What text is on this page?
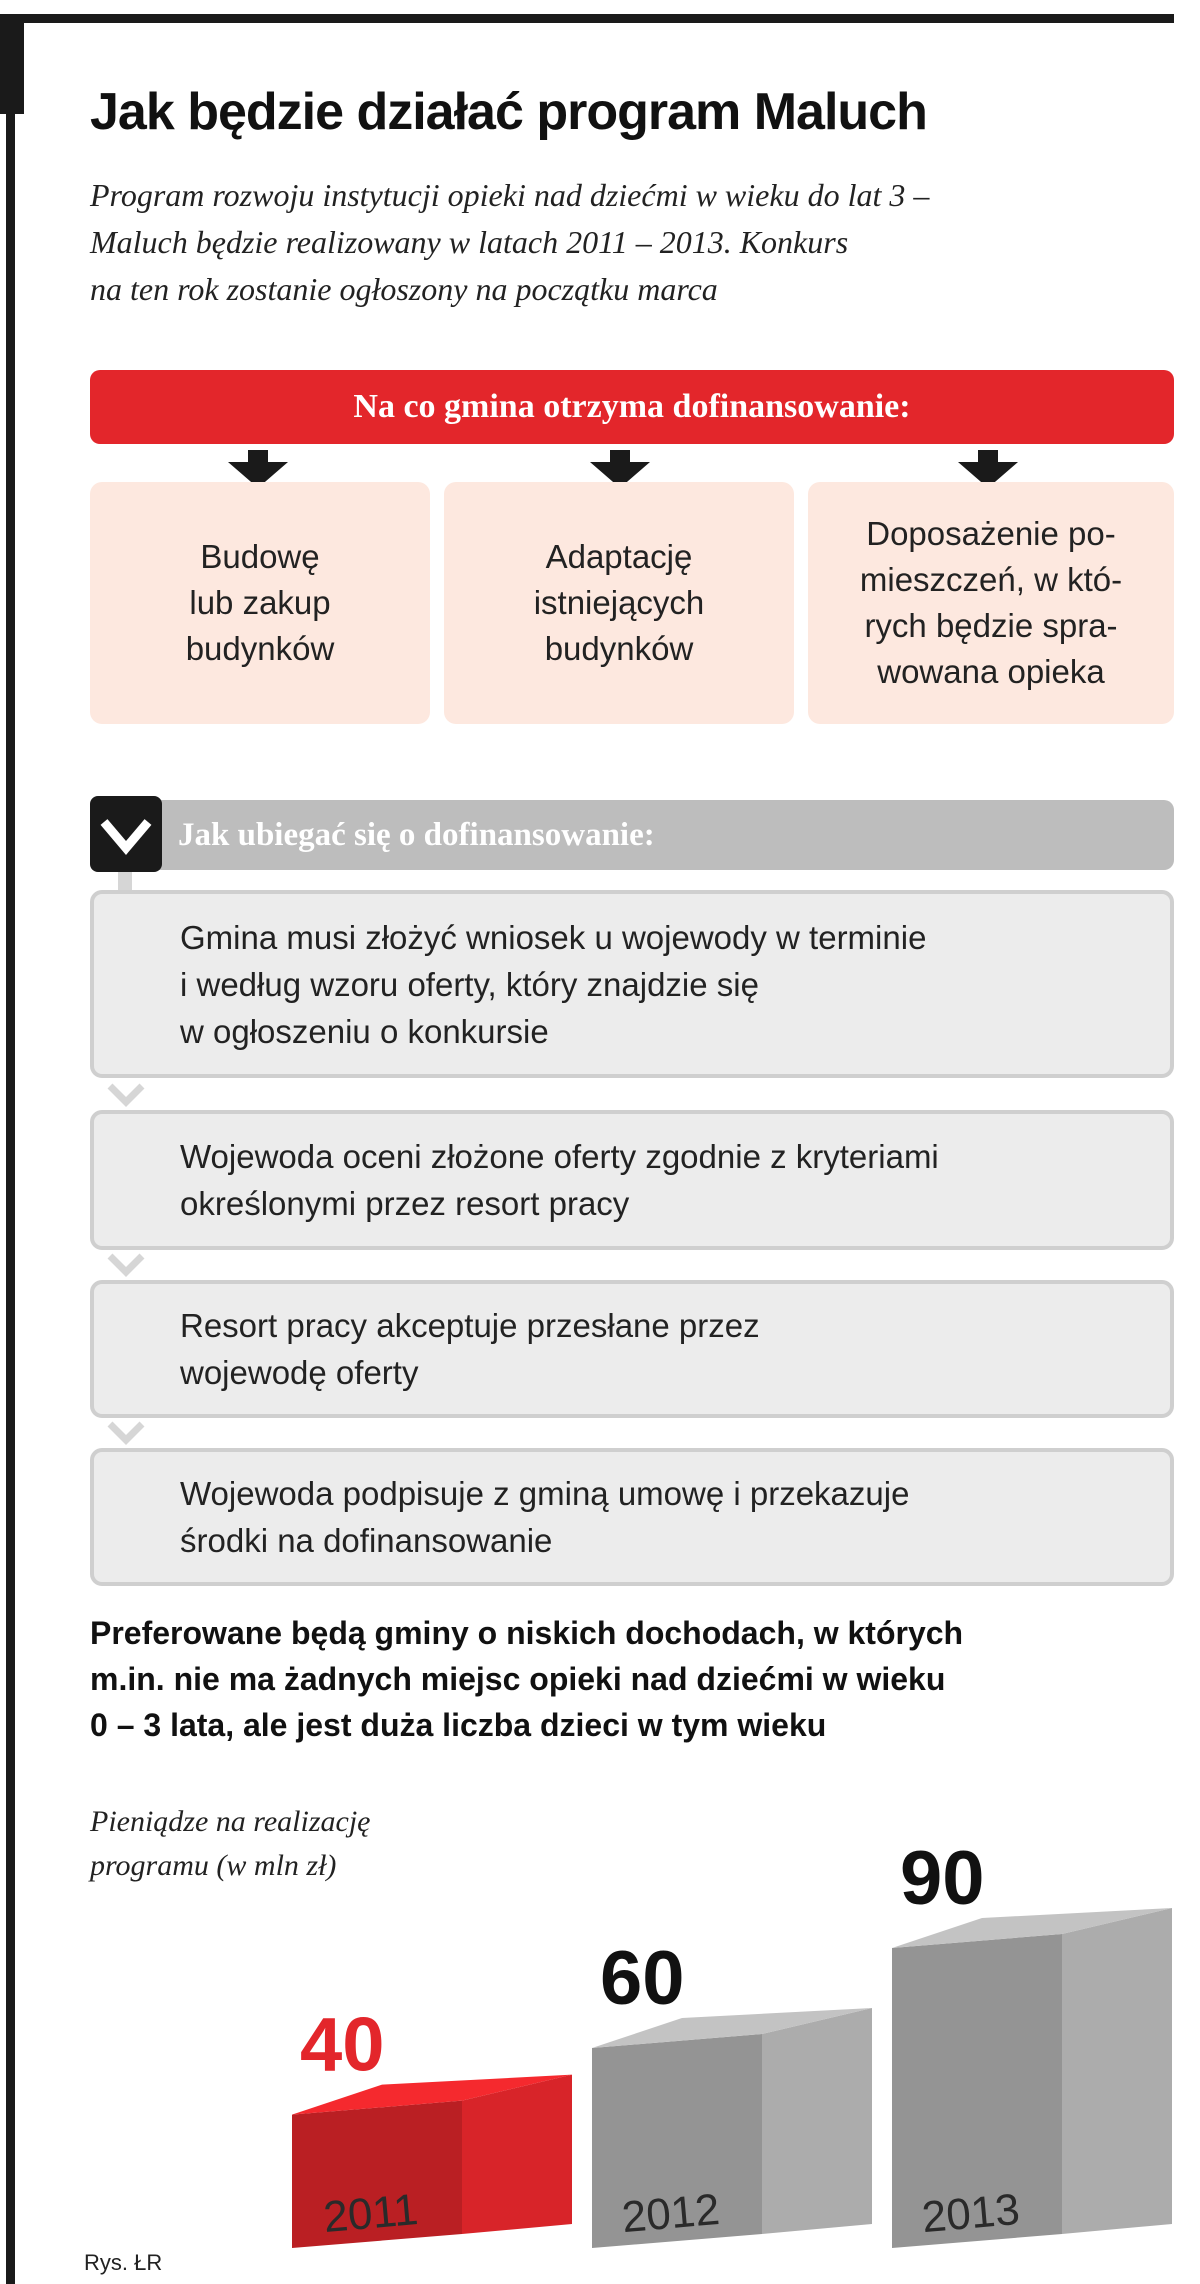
Jak będzie działać program Maluch
Program rozwoju instytucji opieki nad dziećmi w wieku do lat 3 –
Maluch będzie realizowany w latach 2011 – 2013. Konkurs
na ten rok zostanie ogłoszony na początku marca
Na co gmina otrzyma dofinansowanie:
Budowę
lub zakup
budynków
Adaptację
istniejących
budynków
Doposażenie po-
mieszczeń, w któ-
rych będzie spra-
wowana opieka
Jak ubiegać się o dofinansowanie:
Gmina musi złożyć wniosek u wojewody w terminie
i według wzoru oferty, który znajdzie się
w ogłoszeniu o konkursie
Wojewoda oceni złożone oferty zgodnie z kryteriami
określonymi przez resort pracy
Resort pracy akceptuje przesłane przez
wojewodę oferty
Wojewoda podpisuje z gminą umowę i przekazuje
środki na dofinansowanie
Preferowane będą gminy o niskich dochodach, w których
m.in. nie ma żadnych miejsc opieki nad dziećmi w wieku
0 – 3 lata, ale jest duża liczba dzieci w tym wieku
2011
40
2012
60
2013
90
Pieniądze na realizację
programu (w mln zł)
Rys. ŁR
